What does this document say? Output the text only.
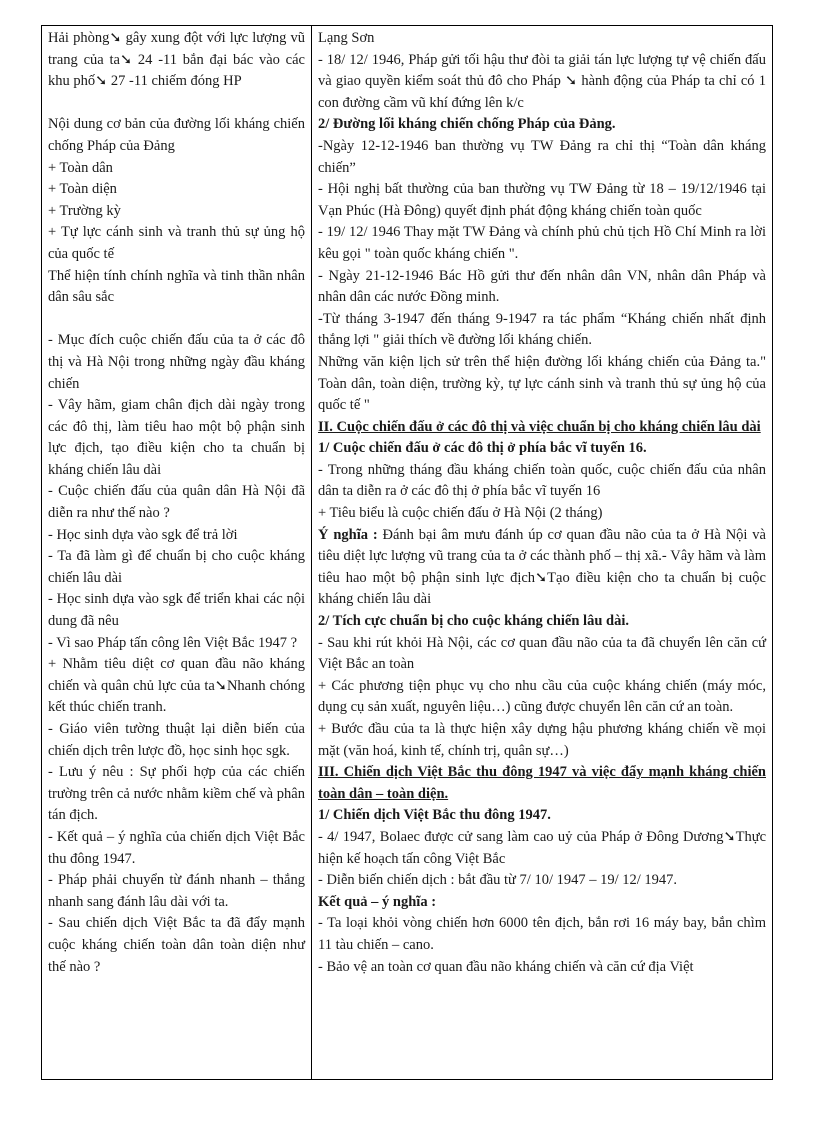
Hải phòng➘ gây xung đột với lực lượng vũ trang của ta➘ 24 -11 bắn đại bác vào các khu phố➘ 27 -11 chiếm đóng HP

Nội dung cơ bản của đường lối kháng chiến chống Pháp của Đảng

+ Toàn dân

+ Toàn diện

+ Trường kỳ

+ Tự lực cánh sinh và tranh thủ sự ủng hộ của quốc tế

Thể hiện tính chính nghĩa và tinh thần nhân dân sâu sắc

- Mục đích cuộc chiến đấu của ta ở các đô thị và Hà Nội trong những ngày đầu kháng chiến

- Vây hãm, giam chân địch dài ngày trong các đô thị, làm tiêu hao một bộ phận sinh lực địch, tạo điều kiện cho ta chuẩn bị kháng chiến lâu dài

- Cuộc chiến đấu của quân dân Hà Nội đã diễn ra như thế nào ?

- Học sinh dựa vào sgk để trả lời

- Ta đã làm gì để chuẩn bị cho cuộc kháng chiến lâu dài

- Học sinh dựa vào sgk để triển khai các nội dung đã nêu

- Vì sao Pháp tấn công lên Việt Bắc 1947 ?

+ Nhằm tiêu diệt cơ quan đầu não kháng chiến và quân chủ lực của ta➘Nhanh chóng kết thúc chiến tranh.

- Giáo viên tường thuật lại diễn biến của chiến dịch trên lược đồ, học sinh học sgk.

- Lưu ý nêu : Sự phối hợp của các chiến trường trên cả nước nhằm kiềm chế và phân tán địch.

- Kết quả – ý nghĩa của chiến dịch Việt Bắc thu đông 1947.

- Pháp phải chuyển từ đánh nhanh – thắng nhanh sang đánh lâu dài với ta.

- Sau chiến dịch Việt Bắc ta đã đẩy mạnh cuộc kháng chiến toàn dân toàn diện như thế nào ?

Lạng Sơn

- 18/ 12/ 1946, Pháp gửi tối hậu thư đòi ta giải tán lực lượng tự vệ chiến đấu và giao quyền kiểm soát thủ đô cho Pháp ➘ hành động của Pháp ta chỉ có 1 con đường cầm vũ khí đứng lên k/c

2/ Đường lối kháng chiến chống Pháp của Đảng.

-Ngày 12-12-1946 ban thường vụ TW Đảng ra chỉ thị “Toàn dân kháng chiến”

- Hội nghị bất thường của ban thường vụ TW Đảng từ 18 – 19/12/1946 tại Vạn Phúc (Hà Đông) quyết định phát động kháng chiến toàn quốc

- 19/ 12/ 1946 Thay mặt TW Đảng và chính phủ chủ tịch Hồ Chí Minh ra lời kêu gọi " toàn quốc kháng chiến ".

- Ngày 21-12-1946 Bác Hồ gửi thư đến nhân dân VN, nhân dân Pháp và nhân dân các nước Đồng minh.

-Từ tháng 3-1947 đến tháng 9-1947 ra tác phẩm “Kháng chiến nhất định thắng lợi " giải thích về đường lối kháng chiến.

Những văn kiện lịch sử trên thể hiện đường lối kháng chiến của Đảng ta." Toàn dân, toàn diện, trường kỳ, tự lực cánh sinh và tranh thủ sự ủng hộ của quốc tế "

II. Cuộc chiến đấu ở các đô thị và việc chuẩn bị cho kháng chiến lâu dài

1/ Cuộc chiến đấu ở các đô thị ở phía bắc vĩ tuyến 16.

- Trong những tháng đầu kháng chiến toàn quốc, cuộc chiến đấu của nhân dân ta diễn ra ở các đô thị ở phía bắc vĩ tuyến 16

+ Tiêu biểu là cuộc chiến đấu ở Hà Nội (2 tháng)

Ý nghĩa : Đánh bại âm mưu đánh úp cơ quan đầu não của ta ở Hà Nội và tiêu diệt lực lượng vũ trang của ta ở các thành phố – thị xã.- Vây hãm và làm tiêu hao một bộ phận sinh lực địch➘Tạo điều kiện cho ta chuẩn bị cuộc kháng chiến lâu dài

2/ Tích cực chuẩn bị cho cuộc kháng chiến lâu dài.

- Sau khi rút khỏi Hà Nội, các cơ quan đầu não của ta đã chuyển lên căn cứ Việt Bắc an toàn

+ Các phương tiện phục vụ cho nhu cầu của cuộc kháng chiến (máy móc, dụng cụ sản xuất, nguyên liệu…) cũng được chuyển lên căn cứ an toàn.

+ Bước đầu của ta là thực hiện xây dựng hậu phương kháng chiến về mọi mặt (văn hoá, kinh tế, chính trị, quân sự…)

III. Chiến dịch Việt Bắc thu đông 1947 và việc đẩy mạnh kháng chiến toàn dân – toàn diện.

1/ Chiến dịch Việt Bắc thu đông 1947.

- 4/ 1947, Bolaec được cử sang làm cao uỷ của Pháp ở Đông Dương➘Thực hiện kế hoạch tấn công Việt Bắc

- Diễn biến chiến dịch : bắt đầu từ 7/ 10/ 1947 – 19/ 12/ 1947.

Kết quả – ý nghĩa :

- Ta loại khỏi vòng chiến hơn 6000 tên địch, bắn rơi 16 máy bay, bắn chìm 11 tàu chiến – cano.

- Bảo vệ an toàn cơ quan đầu não kháng chiến và căn cứ địa Việt
